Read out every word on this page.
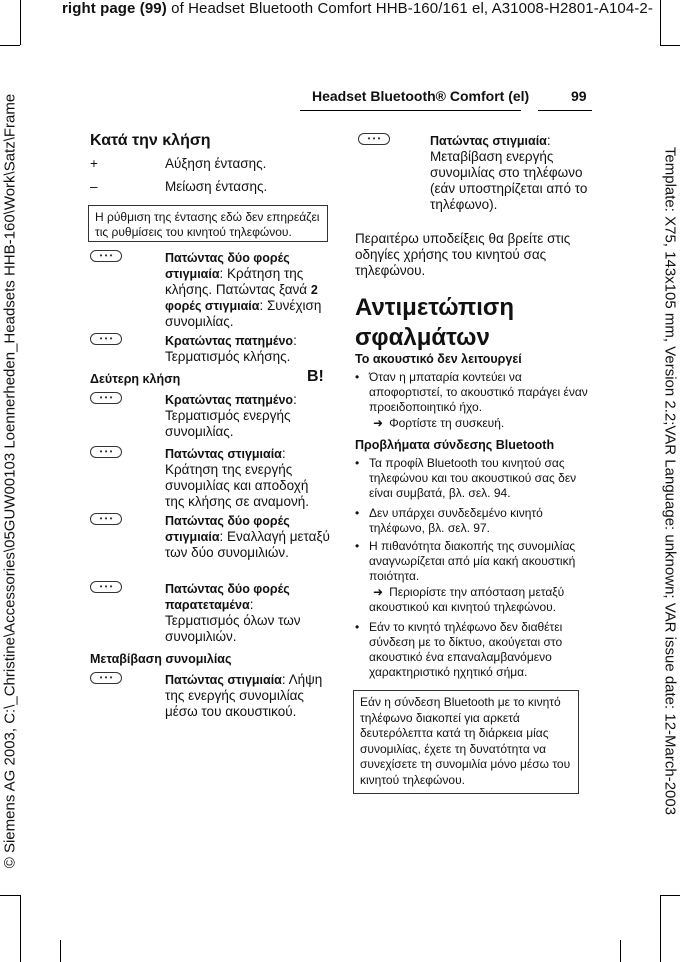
right page (99) of Headset Bluetooth Comfort HHB-160/161 el, A31008-H2801-A104-2-
© Siemens AG 2003, C:\_Christine\Accessories\05GUW00103 Loennerheden_Headsets HHB-160\Work\Satz\Frame	Template: X75, 143x105 mm, Version 2.2;VAR Language: unknown; VAR issue date: 12-March-2003
Headset Bluetooth® Comfort (el)	99
Κατά την κλήση
+	Αύξηση έντασης.
–	Μείωση έντασης.
Η ρύθμιση της έντασης εδώ δεν επηρεάζει τις ρυθμίσεις του κινητού τηλεφώνου.
• • •	Πατώντας δύο φορές στιγμιαία: Κράτηση της κλήσης. Πατώντας ξανά 2 φορές στιγμιαία: Συνέχιση συνομιλίας.
• • •	Κρατώντας πατημένο: Τερματισμός κλήσης.
Δεύτερη κλήση	B!
• • •	Κρατώντας πατημένο: Τερματισμός ενεργής συνομιλίας.
• • •	Πατώντας στιγμιαία: Κράτηση της ενεργής συνομιλίας και αποδοχή της κλήσης σε αναμονή.
• • •	Πατώντας δύο φορές στιγμιαία: Εναλλαγή μεταξύ των δύο συνομιλιών.
• • •	Πατώντας δύο φορές παρατεταμένα: Τερματισμός όλων των συνομιλιών.
Μεταβίβαση συνομιλίας
• • •	Πατώντας στιγμιαία: Λήψη της ενεργής συνομιλίας μέσω του ακουστικού.
• • •	Πατώντας στιγμιαία: Μεταβίβαση ενεργής συνομιλίας στο τηλέφωνο (εάν υποστηρίζεται από το τηλέφωνο).
Περαιτέρω υποδείξεις θα βρείτε στις οδηγίες χρήσης του κινητού σας τηλεφώνου.
Αντιμετώπιση σφαλμάτων
Το ακουστικό δεν λειτουργεί
• Όταν η μπαταρία κοντεύει να αποφορτιστεί, το ακουστικό παράγει έναν προειδοποιητικό ήχο.
➜ Φορτίστε τη συσκευή.
Προβλήματα σύνδεσης Bluetooth
• Τα προφίλ Bluetooth του κινητού σας τηλεφώνου και του ακουστικού σας δεν είναι συμβατά, βλ. σελ. 94.
• Δεν υπάρχει συνδεδεμένο κινητό τηλέφωνο, βλ. σελ. 97.
• Η πιθανότητα διακοπής της συνομιλίας αναγνωρίζεται από μία κακή ακουστική ποιότητα.
➜ Περιορίστε την απόσταση μεταξύ ακουστικού και κινητού τηλεφώνου.
• Εάν το κινητό τηλέφωνο δεν διαθέτει σύνδεση με το δίκτυο, ακούγεται στο ακουστικό ένα επαναλαμβανόμενο χαρακτηριστικό ηχητικό σήμα.
Εάν η σύνδεση Bluetooth με το κινητό τηλέφωνο διακοπεί για αρκετά δευτερόλεπτα κατά τη διάρκεια μίας συνομιλίας, έχετε τη δυνατότητα να συνεχίσετε τη συνομιλία μόνο μέσω του κινητού τηλεφώνου.
